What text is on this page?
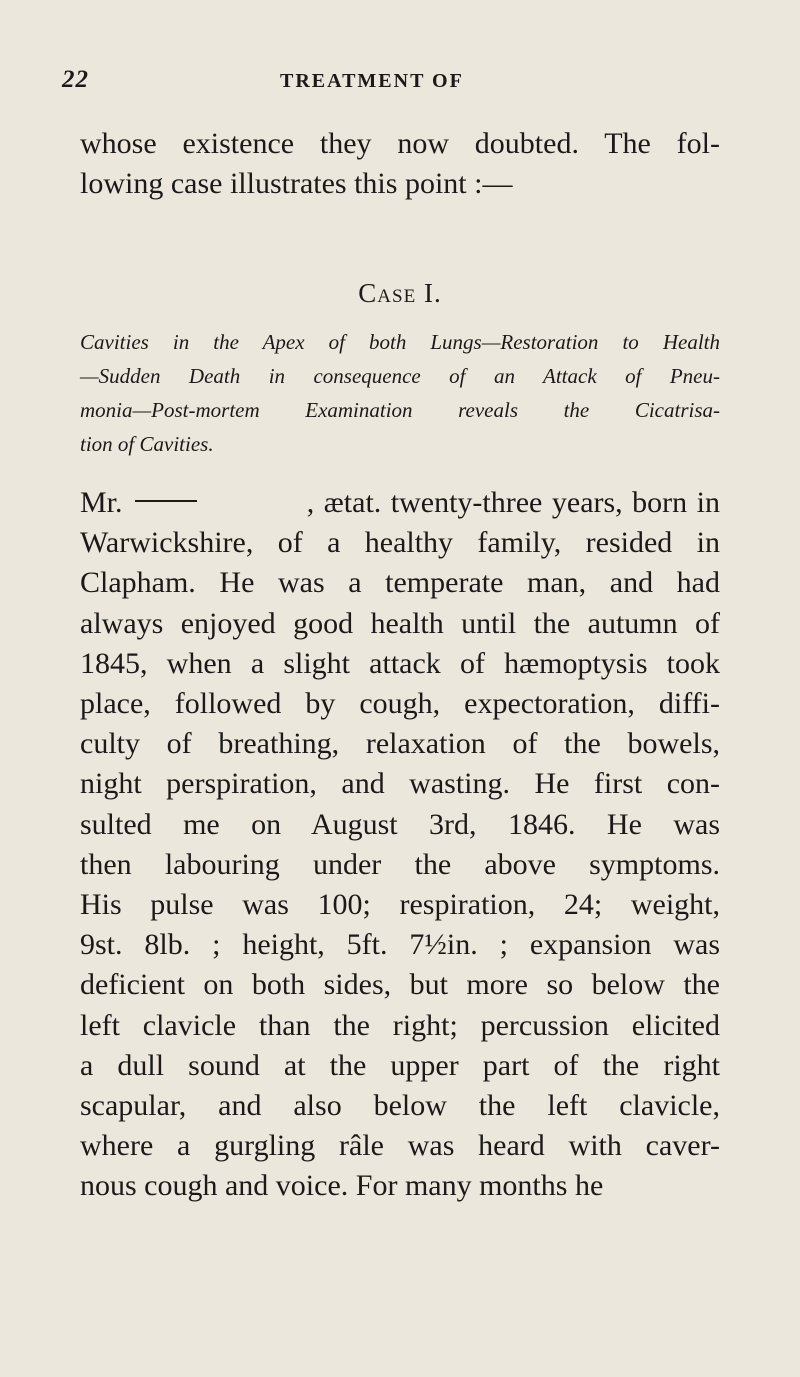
22	TREATMENT OF
whose existence they now doubted. The fol-
lowing case illustrates this point :—
Case I.
Cavities in the Apex of both Lungs—Restoration to Health
—Sudden Death in consequence of an Attack of Pneu-
monia—Post-mortem Examination reveals the Cicatrisa-
tion of Cavities.
Mr.	, ætat. twenty-three years, born in
Warwickshire, of a healthy family, resided in
Clapham. He was a temperate man, and had
always enjoyed good health until the autumn of
1845, when a slight attack of hæmoptysis took
place, followed by cough, expectoration, diffi-
culty of breathing, relaxation of the bowels,
night perspiration, and wasting. He first con-
sulted me on August 3rd, 1846. He was
then labouring under the above symptoms.
His pulse was 100; respiration, 24; weight,
9st. 8lb. ; height, 5ft. 7½in. ; expansion was
deficient on both sides, but more so below the
left clavicle than the right; percussion elicited
a dull sound at the upper part of the right
scapular, and also below the left clavicle,
where a gurgling râle was heard with caver-
nous cough and voice. For many months he
